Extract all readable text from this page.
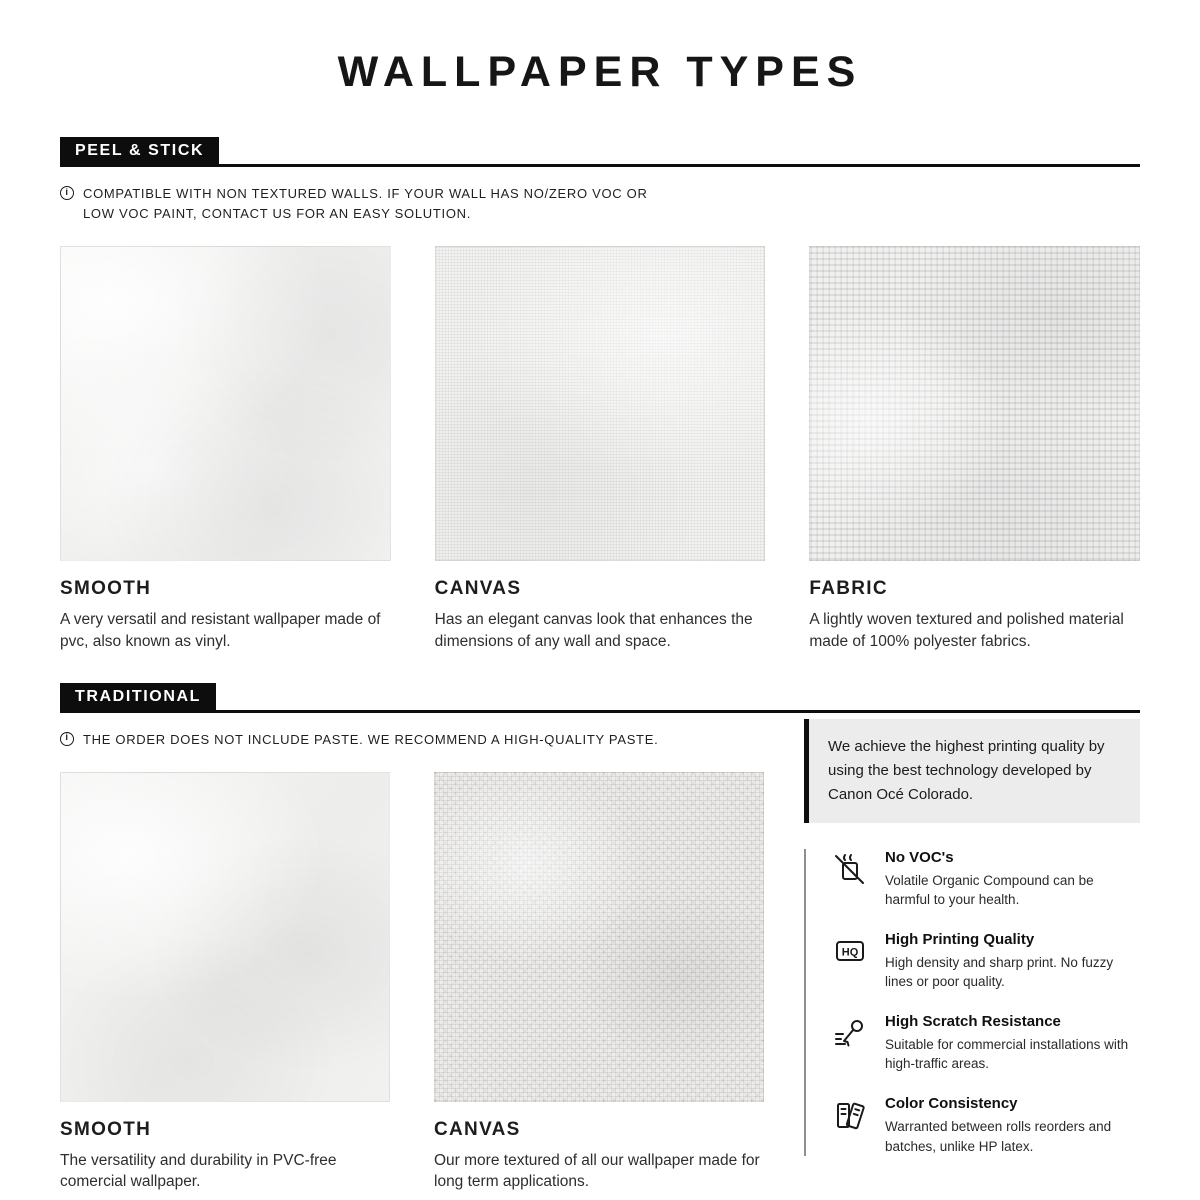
WALLPAPER TYPES
PEEL & STICK
i	COMPATIBLE WITH NON TEXTURED WALLS. IF YOUR WALL HAS NO/ZERO VOC OR LOW VOC PAINT, CONTACT US FOR AN EASY SOLUTION.
SMOOTH

A very versatil and resistant wallpaper made of pvc, also known as vinyl.

CANVAS

Has an elegant canvas look that enhances the dimensions of any wall and space.

FABRIC

A lightly woven textured and polished material made of 100% polyester fabrics.

TRADITIONAL
i	THE ORDER DOES NOT INCLUDE PASTE. WE RECOMMEND A HIGH-QUALITY PASTE.
SMOOTH

The versatility and durability in PVC-free comercial wallpaper.

CANVAS

Our more textured of all our wallpaper made for long term applications.

We achieve the highest printing quality by using the best technology developed by Canon Océ Colorado.

No VOC's

Volatile Organic Compound can be harmful to your health.

HQ

High Printing Quality

High density and sharp print. No fuzzy lines or poor quality.

High Scratch Resistance

Suitable for commercial installations with high-traffic areas.

Color Consistency

Warranted between rolls reorders and batches, unlike HP latex.
